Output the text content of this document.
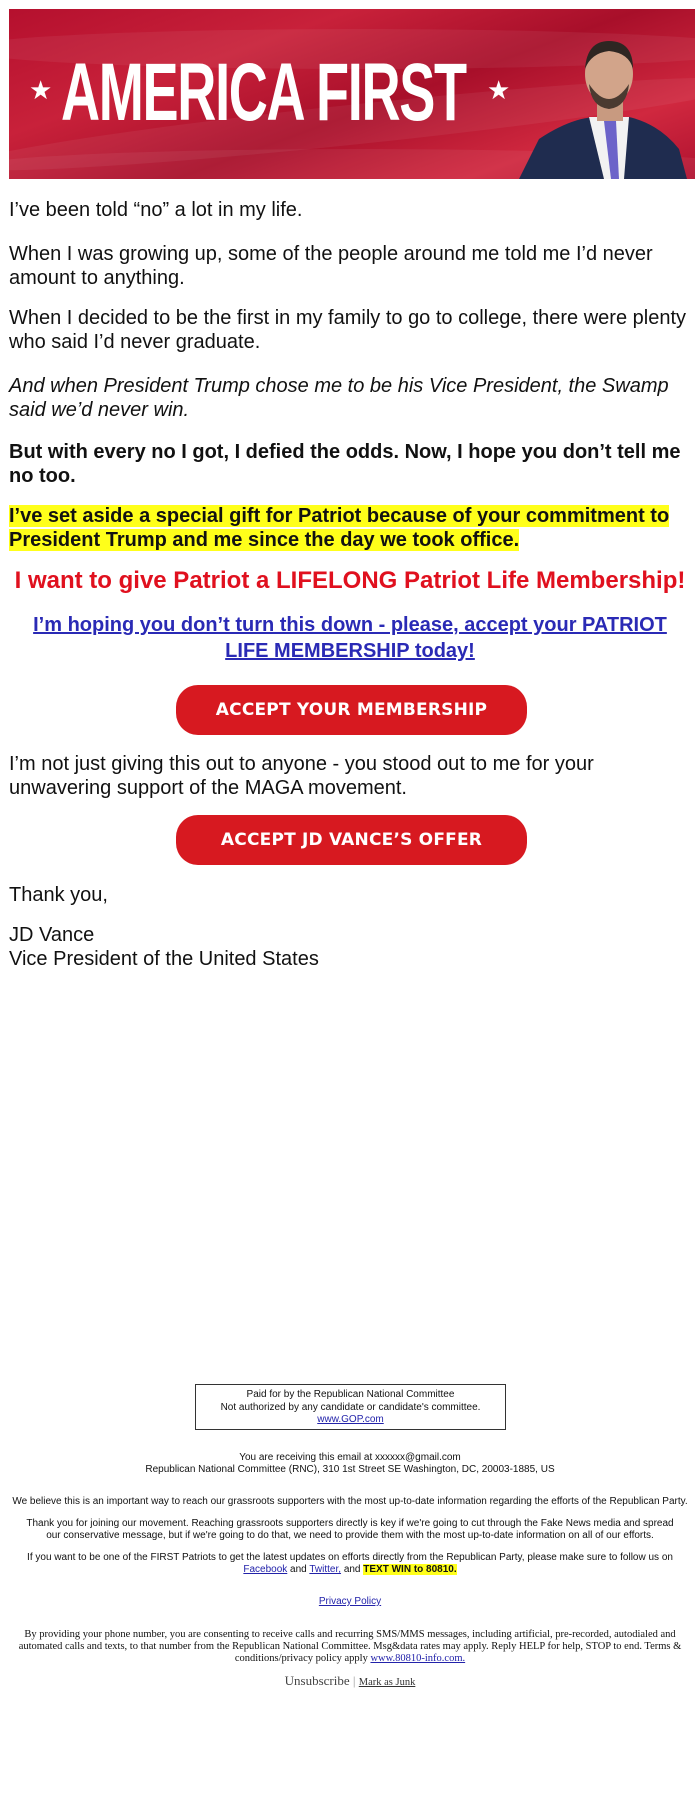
★ AMERICA FIRST ★
I’ve been told “no” a lot in my life.
When I was growing up, some of the people around me told me I’d never amount to anything.
When I decided to be the first in my family to go to college, there were plenty who said I’d never graduate.
And when President Trump chose me to be his Vice President, the Swamp said we’d never win.
But with every no I got, I defied the odds. Now, I hope you don’t tell me no too.
I’ve set aside a special gift for Patriot because of your commitment to President Trump and me since the day we took office.
I want to give Patriot a LIFELONG Patriot Life Membership!
I’m hoping you don’t turn this down - please, accept your PATRIOT LIFE MEMBERSHIP today!
ACCEPT YOUR MEMBERSHIP
I’m not just giving this out to anyone - you stood out to me for your unwavering support of the MAGA movement.
ACCEPT JD VANCE’S OFFER
Thank you,
JD Vance
Vice President of the United States
Paid for by the Republican National Committee
Not authorized by any candidate or candidate's committee.
www.GOP.com
You are receiving this email at xxxxxx@gmail.com
Republican National Committee (RNC), 310 1st Street SE Washington, DC, 20003-1885, US
We believe this is an important way to reach our grassroots supporters with the most up-to-date information regarding the efforts of the Republican Party.
Thank you for joining our movement. Reaching grassroots supporters directly is key if we're going to cut through the Fake News media and spread our conservative message, but if we're going to do that, we need to provide them with the most up-to-date information on all of our efforts.
If you want to be one of the FIRST Patriots to get the latest updates on efforts directly from the Republican Party, please make sure to follow us on Facebook and Twitter, and TEXT WIN to 80810.
Privacy Policy
By providing your phone number, you are consenting to receive calls and recurring SMS/MMS messages, including artificial, pre-recorded, autodialed and automated calls and texts, to that number from the Republican National Committee. Msg&data rates may apply. Reply HELP for help, STOP to end. Terms & conditions/privacy policy apply www.80810-info.com.
Unsubscribe | Mark as Junk
